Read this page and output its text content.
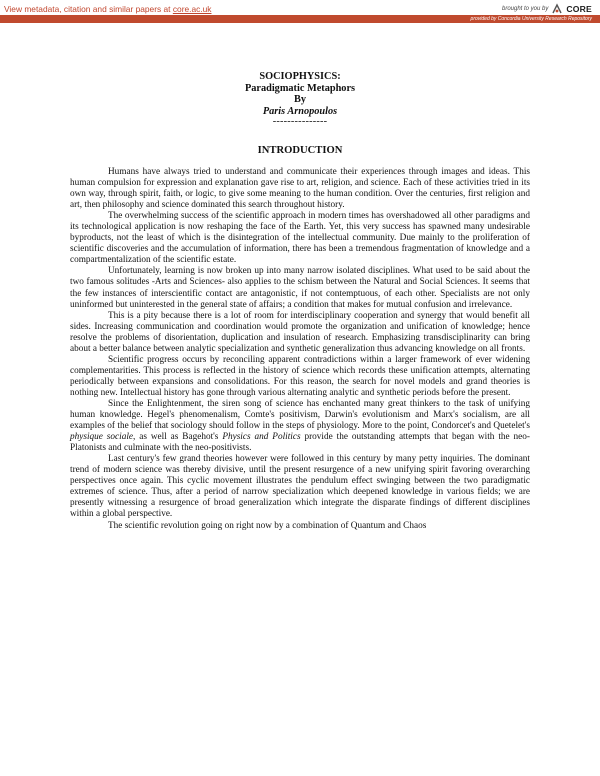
View metadata, citation and similar papers at core.ac.uk	brought to you by CORE
provided by Concordia University Research Repository
SOCIOPHYSICS:
Paradigmatic Metaphors
By
Paris Arnopoulos
---------------
INTRODUCTION

Humans have always tried to understand and communicate their experiences through images and ideas. This human compulsion for expression and explanation gave rise to art, religion, and science. Each of these activities tried in its own way, through spirit, faith, or logic, to give some meaning to the human condition. Over the centuries, first religion and art, then philosophy and science dominated this search throughout history.

The overwhelming success of the scientific approach in modern times has overshadowed all other paradigms and its technological application is now reshaping the face of the Earth. Yet, this very success has spawned many undesirable byproducts, not the least of which is the disintegration of the intellectual community. Due mainly to the proliferation of scientific discoveries and the accumulation of information, there has been a tremendous fragmentation of knowledge and a compartmentalization of the scientific estate.

Unfortunately, learning is now broken up into many narrow isolated disciplines. What used to be said about the two famous solitudes -Arts and Sciences- also applies to the schism between the Natural and Social Sciences. It seems that the few instances of interscientific contact are antagonistic, if not contemptuous, of each other. Specialists are not only uninformed but uninterested in the general state of affairs; a condition that makes for mutual confusion and irrelevance.

This is a pity because there is a lot of room for interdisciplinary cooperation and synergy that would benefit all sides. Increasing communication and coordination would promote the organization and unification of knowledge; hence resolve the problems of disorientation, duplication and insulation of research. Emphasizing transdisciplinarity can bring about a better balance between analytic specialization and synthetic generalization thus advancing knowledge on all fronts.

Scientific progress occurs by reconciling apparent contradictions within a larger framework of ever widening complementarities. This process is reflected in the history of science which records these unification attempts, alternating periodically between expansions and consolidations. For this reason, the search for novel models and grand theories is nothing new. Intellectual history has gone through various alternating analytic and synthetic periods before the present.

Since the Enlightenment, the siren song of science has enchanted many great thinkers to the task of unifying human knowledge. Hegel's phenomenalism, Comte's positivism, Darwin's evolutionism and Marx's socialism, are all examples of the belief that sociology should follow in the steps of physiology. More to the point, Condorcet's and Quetelet's physique sociale, as well as Bagehot's Physics and Politics provide the outstanding attempts that began with the neo-Platonists and culminate with the neo-positivists.

Last century's few grand theories however were followed in this century by many petty inquiries. The dominant trend of modern science was thereby divisive, until the present resurgence of a new unifying spirit favoring overarching perspectives once again. This cyclic movement illustrates the pendulum effect swinging between the two paradigmatic extremes of science. Thus, after a period of narrow specialization which deepened knowledge in various fields; we are presently witnessing a resurgence of broad generalization which integrate the disparate findings of different disciplines within a global perspective.

The scientific revolution going on right now by a combination of Quantum and Chaos
